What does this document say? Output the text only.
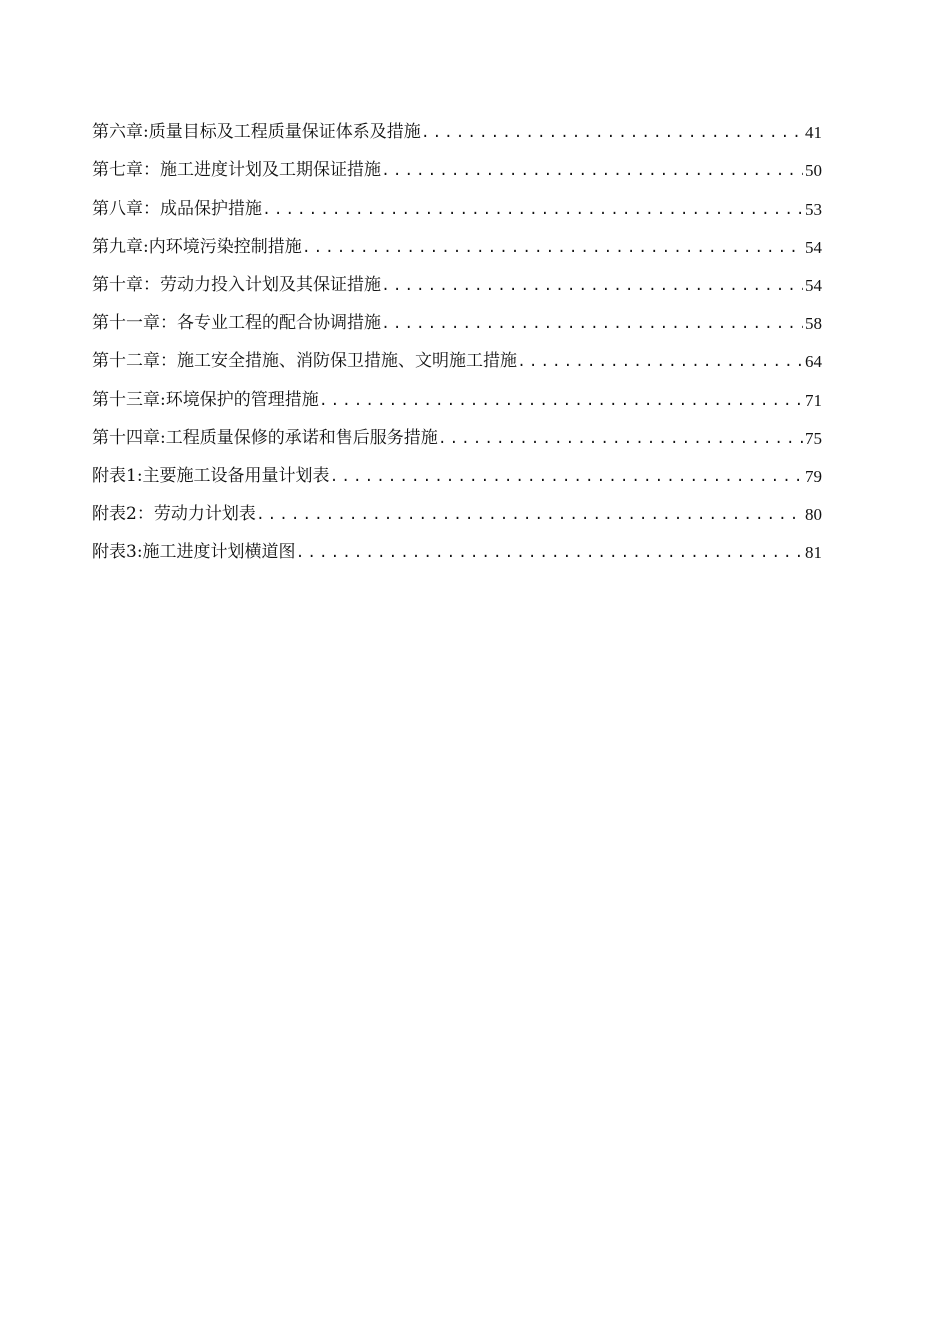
第六章:质量目标及工程质量保证体系及措施 .....	41
第七章：施工进度计划及工期保证措施 .....	50
第八章：成品保护措施 .....	53
第九章:内环境污染控制措施 .....	54
第十章：劳动力投入计划及其保证措施 .....	54
第十一章：各专业工程的配合协调措施 .....	58
第十二章：施工安全措施、消防保卫措施、文明施工措施 .....	64
第十三章:环境保护的管理措施 .....	71
第十四章:工程质量保修的承诺和售后服务措施 .....	75
附表1:主要施工设备用量计划表 .....	79
附表2：劳动力计划表 .....	80
附表3:施工进度计划横道图 .....	81
